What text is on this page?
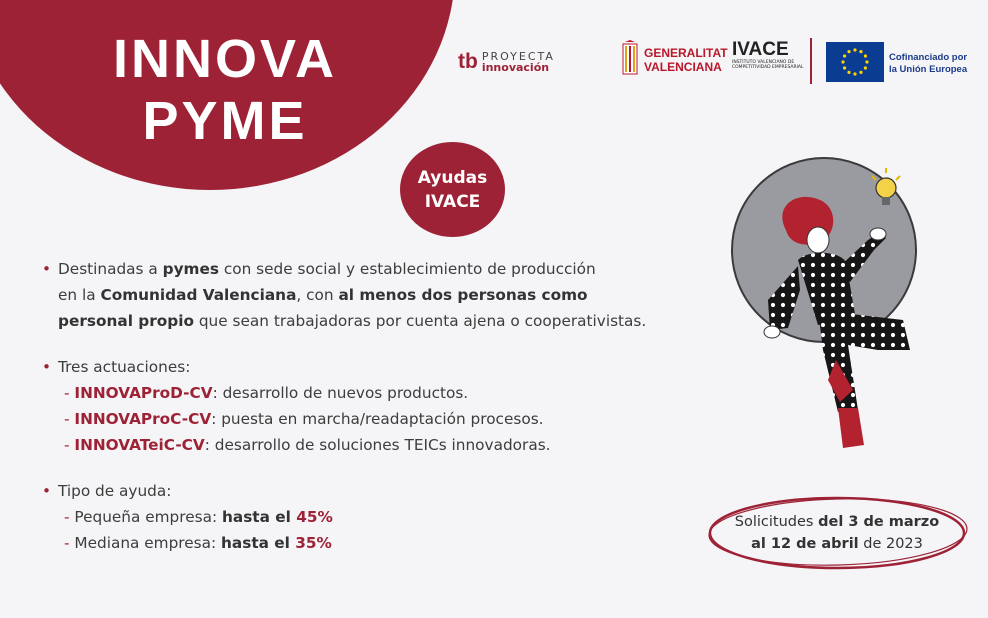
INNOVA
PYME
Ayudas
IVACE
tb PROYECTA
innovación
GENERALITAT
VALENCIANA
IVACE
INSTITUTO VALENCIANO DE
COMPETITIVIDAD EMPRESARIAL
Cofinanciado por
la Unión Europea
• Destinadas a pymes con sede social y establecimiento de producción
en la Comunidad Valenciana, con al menos dos personas como
personal propio que sean trabajadoras por cuenta ajena o cooperativistas.
• Tres actuaciones:
- INNOVAProD-CV: desarrollo de nuevos productos.
- INNOVAProC-CV: puesta en marcha/readaptación procesos.
- INNOVATeiC-CV: desarrollo de soluciones TEICs innovadoras.
• Tipo de ayuda:
- Pequeña empresa: hasta el 45%
- Mediana empresa: hasta el 35%
Solicitudes del 3 de marzo
al 12 de abril de 2023
